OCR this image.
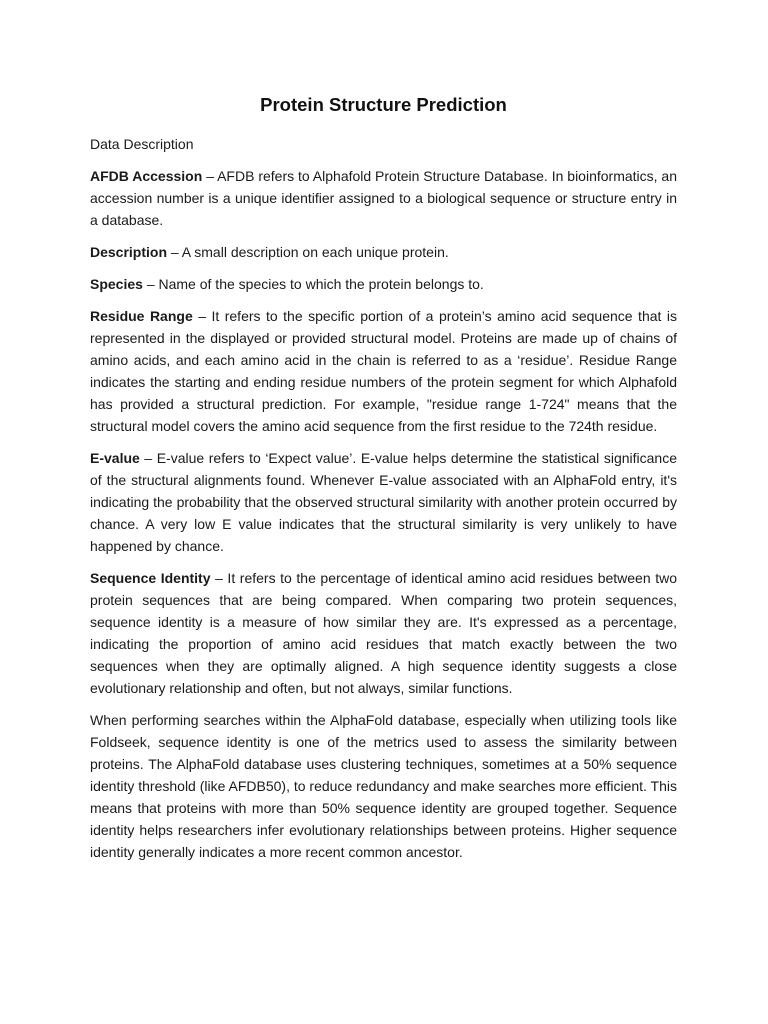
Protein Structure Prediction

Data Description

AFDB Accession – AFDB refers to Alphafold Protein Structure Database. In bioinformatics, an accession number is a unique identifier assigned to a biological sequence or structure entry in a database.

Description – A small description on each unique protein.

Species – Name of the species to which the protein belongs to.

Residue Range – It refers to the specific portion of a protein’s amino acid sequence that is represented in the displayed or provided structural model. Proteins are made up of chains of amino acids, and each amino acid in the chain is referred to as a ‘residue’. Residue Range indicates the starting and ending residue numbers of the protein segment for which Alphafold has provided a structural prediction. For example, "residue range 1-724" means that the structural model covers the amino acid sequence from the first residue to the 724th residue.

E-value – E-value refers to ‘Expect value’. E-value helps determine the statistical significance of the structural alignments found. Whenever E-value associated with an AlphaFold entry, it's indicating the probability that the observed structural similarity with another protein occurred by chance. A very low E value indicates that the structural similarity is very unlikely to have happened by chance.

Sequence Identity – It refers to the percentage of identical amino acid residues between two protein sequences that are being compared. When comparing two protein sequences, sequence identity is a measure of how similar they are. It's expressed as a percentage, indicating the proportion of amino acid residues that match exactly between the two sequences when they are optimally aligned. A high sequence identity suggests a close evolutionary relationship and often, but not always, similar functions.

When performing searches within the AlphaFold database, especially when utilizing tools like Foldseek, sequence identity is one of the metrics used to assess the similarity between proteins. The AlphaFold database uses clustering techniques, sometimes at a 50% sequence identity threshold (like AFDB50), to reduce redundancy and make searches more efficient. This means that proteins with more than 50% sequence identity are grouped together. Sequence identity helps researchers infer evolutionary relationships between proteins. Higher sequence identity generally indicates a more recent common ancestor.
